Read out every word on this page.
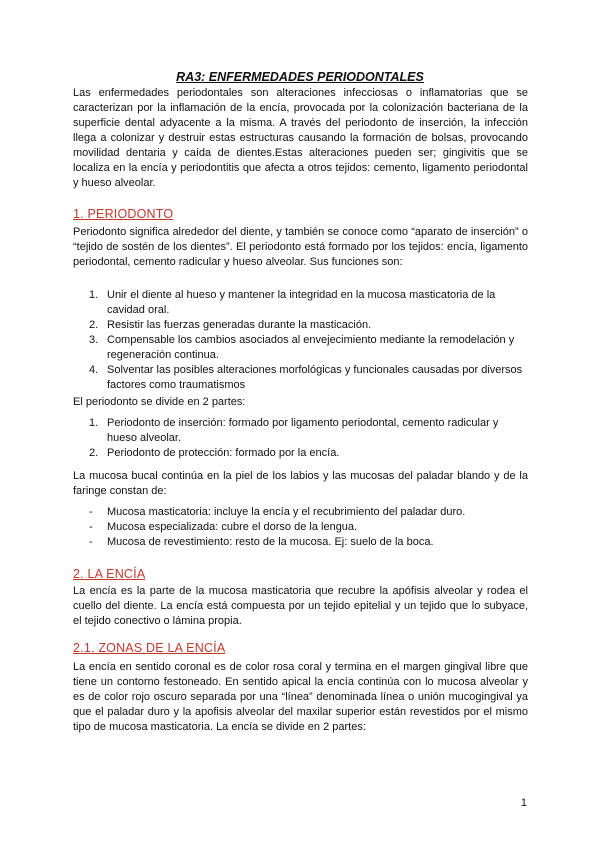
RA3: ENFERMEDADES PERIODONTALES

Las enfermedades periodontales son alteraciones infecciosas o inflamatorias que se caracterizan por la inflamación de la encía, provocada por la colonización bacteriana de la superficie dental adyacente a la misma. A través del periodonto de inserción, la infección llega a colonizar y destruir estas estructuras causando la formación de bolsas, provocando movilidad dentaria y caída de dientes.Estas alteraciones pueden ser; gingivitis que se localiza en la encía y periodontitis que afecta a otros tejidos: cemento, ligamento periodontal y hueso alveolar.

1. PERIODONTO

Periodonto significa alrededor del diente, y también se conoce como “aparato de inserción” o “tejido de sostén de los dientes”. El periodonto está formado por los tejidos: encía, ligamento periodontal, cemento radicular y hueso alveolar. Sus funciones son:

1. Unir el diente al hueso y mantener la integridad en la mucosa masticatoria de la cavidad oral.
2. Resistir las fuerzas generadas durante la masticación.
3. Compensable los cambios asociados al envejecimiento mediante la remodelación y regeneración continua.
4. Solventar las posibles alteraciones morfológicas y funcionales causadas por diversos factores como traumatismos

El periodonto se divide en 2 partes:

1. Periodonto de inserción: formado por ligamento periodontal, cemento radicular y hueso alveolar.
2. Periodonto de protección: formado por la encía.

La mucosa bucal continúa en la piel de los labios y las mucosas del paladar blando y de la faringe constan de:

- Mucosa masticatoria: incluye la encía y el recubrimiento del paladar duro.
- Mucosa especializada: cubre el dorso de la lengua.
- Mucosa de revestimiento: resto de la mucosa. Ej: suelo de la boca.
2. LA ENCÍA

La encía es la parte de la mucosa masticatoria que recubre la apófisis alveolar y rodea el cuello del diente. La encía está compuesta por un tejido epitelial y un tejido que lo subyace, el tejido conectivo o lámina propia.

2.1. ZONAS DE LA ENCÍA

La encía en sentido coronal es de color rosa coral y termina en el margen gingival libre que tiene un contorno festoneado. En sentido apical la encía continúa con lo mucosa alveolar y es de color rojo oscuro separada por una “línea” denominada línea o unión mucogingival ya que el paladar duro y la apofisis alveolar del maxilar superior están revestidos por el mismo tipo de mucosa masticatoria. La encía se divide en 2 partes:

1
